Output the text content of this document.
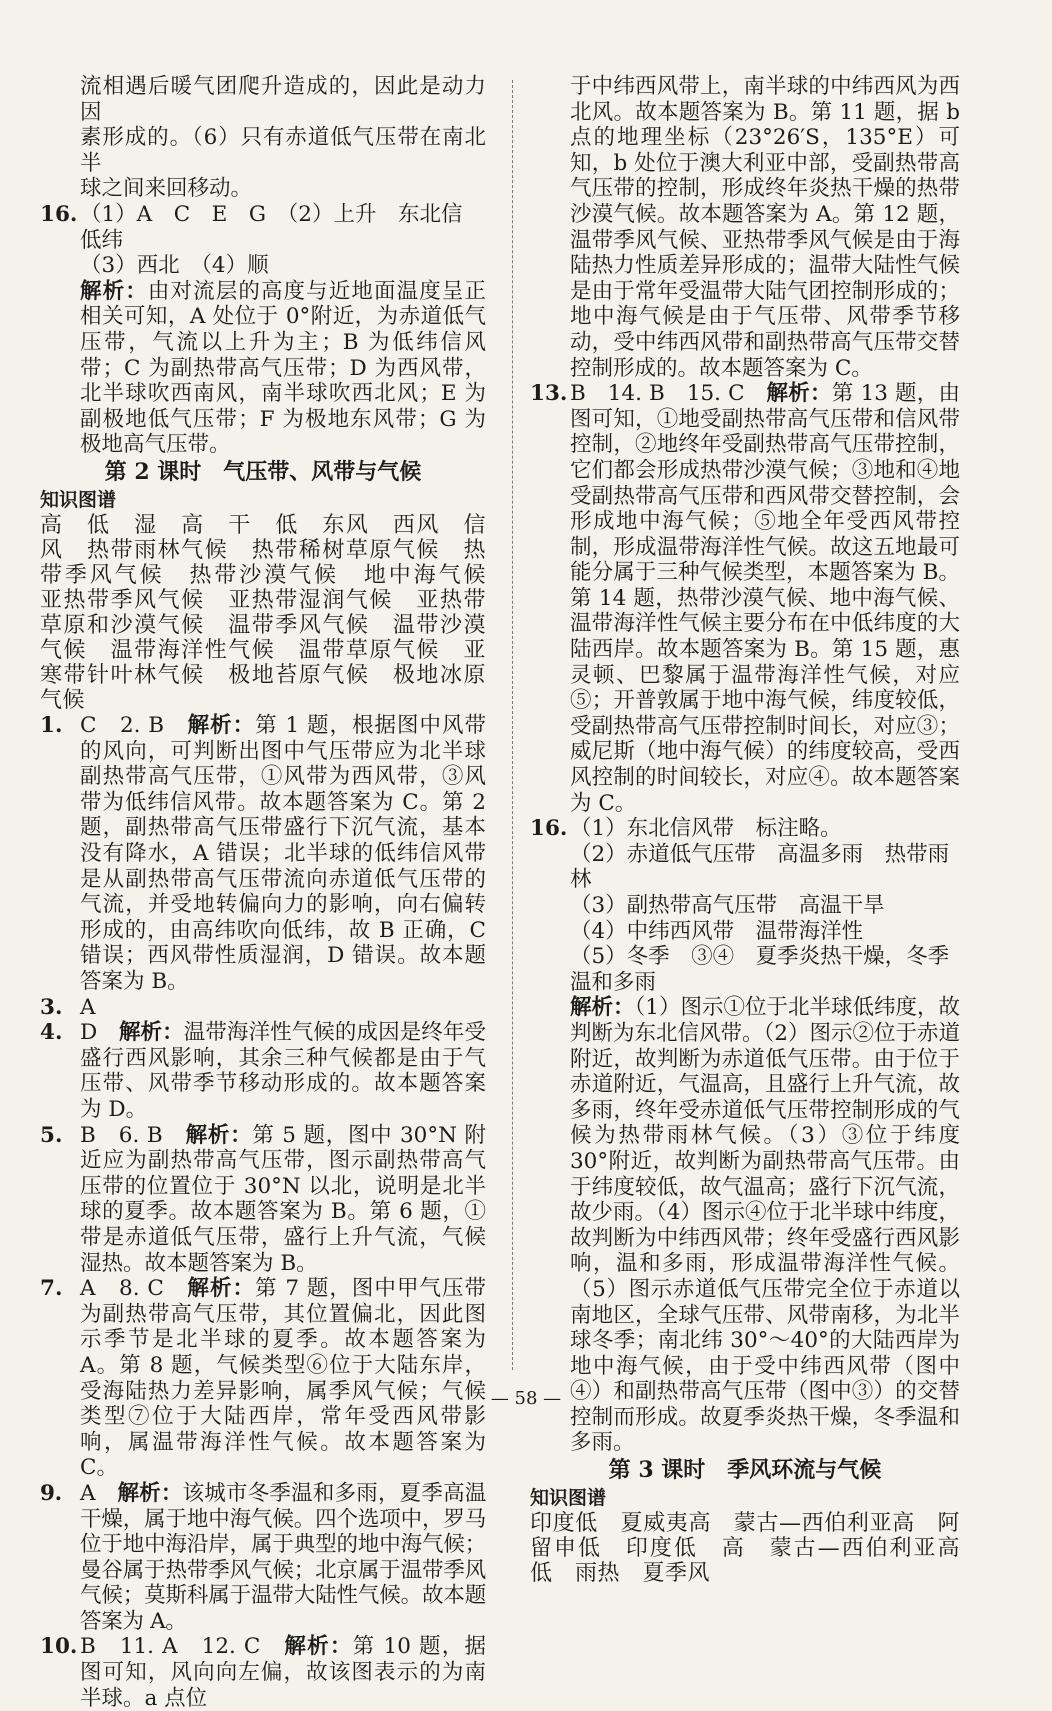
流相遇后暖气团爬升造成的，因此是动力因
素形成的。（6）只有赤道低气压带在南北半
球之间来回移动。

16. （1）A　C　E　G　（2）上升　东北信　低纬
（3）西北　（4）顺

解析：由对流层的高度与近地面温度呈正相关可知，A 处位于 0°附近，为赤道低气压带，气流以上升为主；B 为低纬信风带；C 为副热带高气压带；D 为西风带，北半球吹西南风，南半球吹西北风；E 为副极地低气压带；F 为极地东风带；G 为极地高气压带。

第 2 课时　气压带、风带与气候
知识图谱

高　低　湿　高　干　低　东风　西风　信风　热带雨林气候　热带稀树草原气候　热带季风气候　热带沙漠气候　地中海气候　亚热带季风气候　亚热带湿润气候　亚热带草原和沙漠气候　温带季风气候　温带沙漠气候　温带海洋性气候　温带草原气候　亚寒带针叶林气候　极地苔原气候　极地冰原气候

1. C　2. B　解析：第 1 题，根据图中风带的风向，可判断出图中气压带应为北半球副热带高气压带，①风带为西风带，③风带为低纬信风带。故本题答案为 C。第 2 题，副热带高气压带盛行下沉气流，基本没有降水，A 错误；北半球的低纬信风带是从副热带高气压带流向赤道低气压带的气流，并受地转偏向力的影响，向右偏转形成的，由高纬吹向低纬，故 B 正确，C 错误；西风带性质湿润，D 错误。故本题答案为 B。

3. A

4. D　解析：温带海洋性气候的成因是终年受盛行西风影响，其余三种气候都是由于气压带、风带季节移动形成的。故本题答案为 D。

5. B　6. B　解析：第 5 题，图中 30°N 附近应为副热带高气压带，图示副热带高气压带的位置位于 30°N 以北，说明是北半球的夏季。故本题答案为 B。第 6 题，①带是赤道低气压带，盛行上升气流，气候湿热。故本题答案为 B。

7. A　8. C　解析：第 7 题，图中甲气压带为副热带高气压带，其位置偏北，因此图示季节是北半球的夏季。故本题答案为 A。第 8 题，气候类型⑥位于大陆东岸，受海陆热力差异影响，属季风气候；气候类型⑦位于大陆西岸，常年受西风带影响，属温带海洋性气候。故本题答案为 C。

9. A　解析：该城市冬季温和多雨，夏季高温干燥，属于地中海气候。四个选项中，罗马位于地中海沿岸，属于典型的地中海气候；曼谷属于热带季风气候；北京属于温带季风气候；莫斯科属于温带大陆性气候。故本题答案为 A。

10. B　11. A　12. C　解析：第 10 题，据图可知，风向向左偏，故该图表示的为南半球。a 点位

于中纬西风带上，南半球的中纬西风为西北风。故本题答案为 B。第 11 题，据 b 点的地理坐标（23°26′S，135°E）可知，b 处位于澳大利亚中部，受副热带高气压带的控制，形成终年炎热干燥的热带沙漠气候。故本题答案为 A。第 12 题，温带季风气候、亚热带季风气候是由于海陆热力性质差异形成的；温带大陆性气候是由于常年受温带大陆气团控制形成的；地中海气候是由于气压带、风带季节移动，受中纬西风带和副热带高气压带交替控制形成的。故本题答案为 C。

13. B　14. B　15. C　解析：第 13 题，由图可知，①地受副热带高气压带和信风带控制，②地终年受副热带高气压带控制，它们都会形成热带沙漠气候；③地和④地受副热带高气压带和西风带交替控制，会形成地中海气候；⑤地全年受西风带控制，形成温带海洋性气候。故这五地最可能分属于三种气候类型，本题答案为 B。第 14 题，热带沙漠气候、地中海气候、温带海洋性气候主要分布在中低纬度的大陆西岸。故本题答案为 B。第 15 题，惠灵顿、巴黎属于温带海洋性气候，对应⑤；开普敦属于地中海气候，纬度较低，受副热带高气压带控制时间长，对应③；威尼斯（地中海气候）的纬度较高，受西风控制的时间较长，对应④。故本题答案为 C。

16. （1）东北信风带　标注略。
（2）赤道低气压带　高温多雨　热带雨林
（3）副热带高气压带　高温干旱
（4）中纬西风带　温带海洋性
（5）冬季　③④　夏季炎热干燥，冬季温和多雨

解析：（1）图示①位于北半球低纬度，故判断为东北信风带。（2）图示②位于赤道附近，故判断为赤道低气压带。由于位于赤道附近，气温高，且盛行上升气流，故多雨，终年受赤道低气压带控制形成的气候为热带雨林气候。（3）③位于纬度 30°附近，故判断为副热带高气压带。由于纬度较低，故气温高；盛行下沉气流，故少雨。（4）图示④位于北半球中纬度，故判断为中纬西风带；终年受盛行西风影响，温和多雨，形成温带海洋性气候。（5）图示赤道低气压带完全位于赤道以南地区，全球气压带、风带南移，为北半球冬季；南北纬 30°～40°的大陆西岸为地中海气候，由于受中纬西风带（图中④）和副热带高气压带（图中③）的交替控制而形成。故夏季炎热干燥，冬季温和多雨。

第 3 课时　季风环流与气候
知识图谱

印度低　夏威夷高　蒙古—西伯利亚高　阿留申低　印度低　高　蒙古—西伯利亚高　低　雨热　夏季风

— 58 —
